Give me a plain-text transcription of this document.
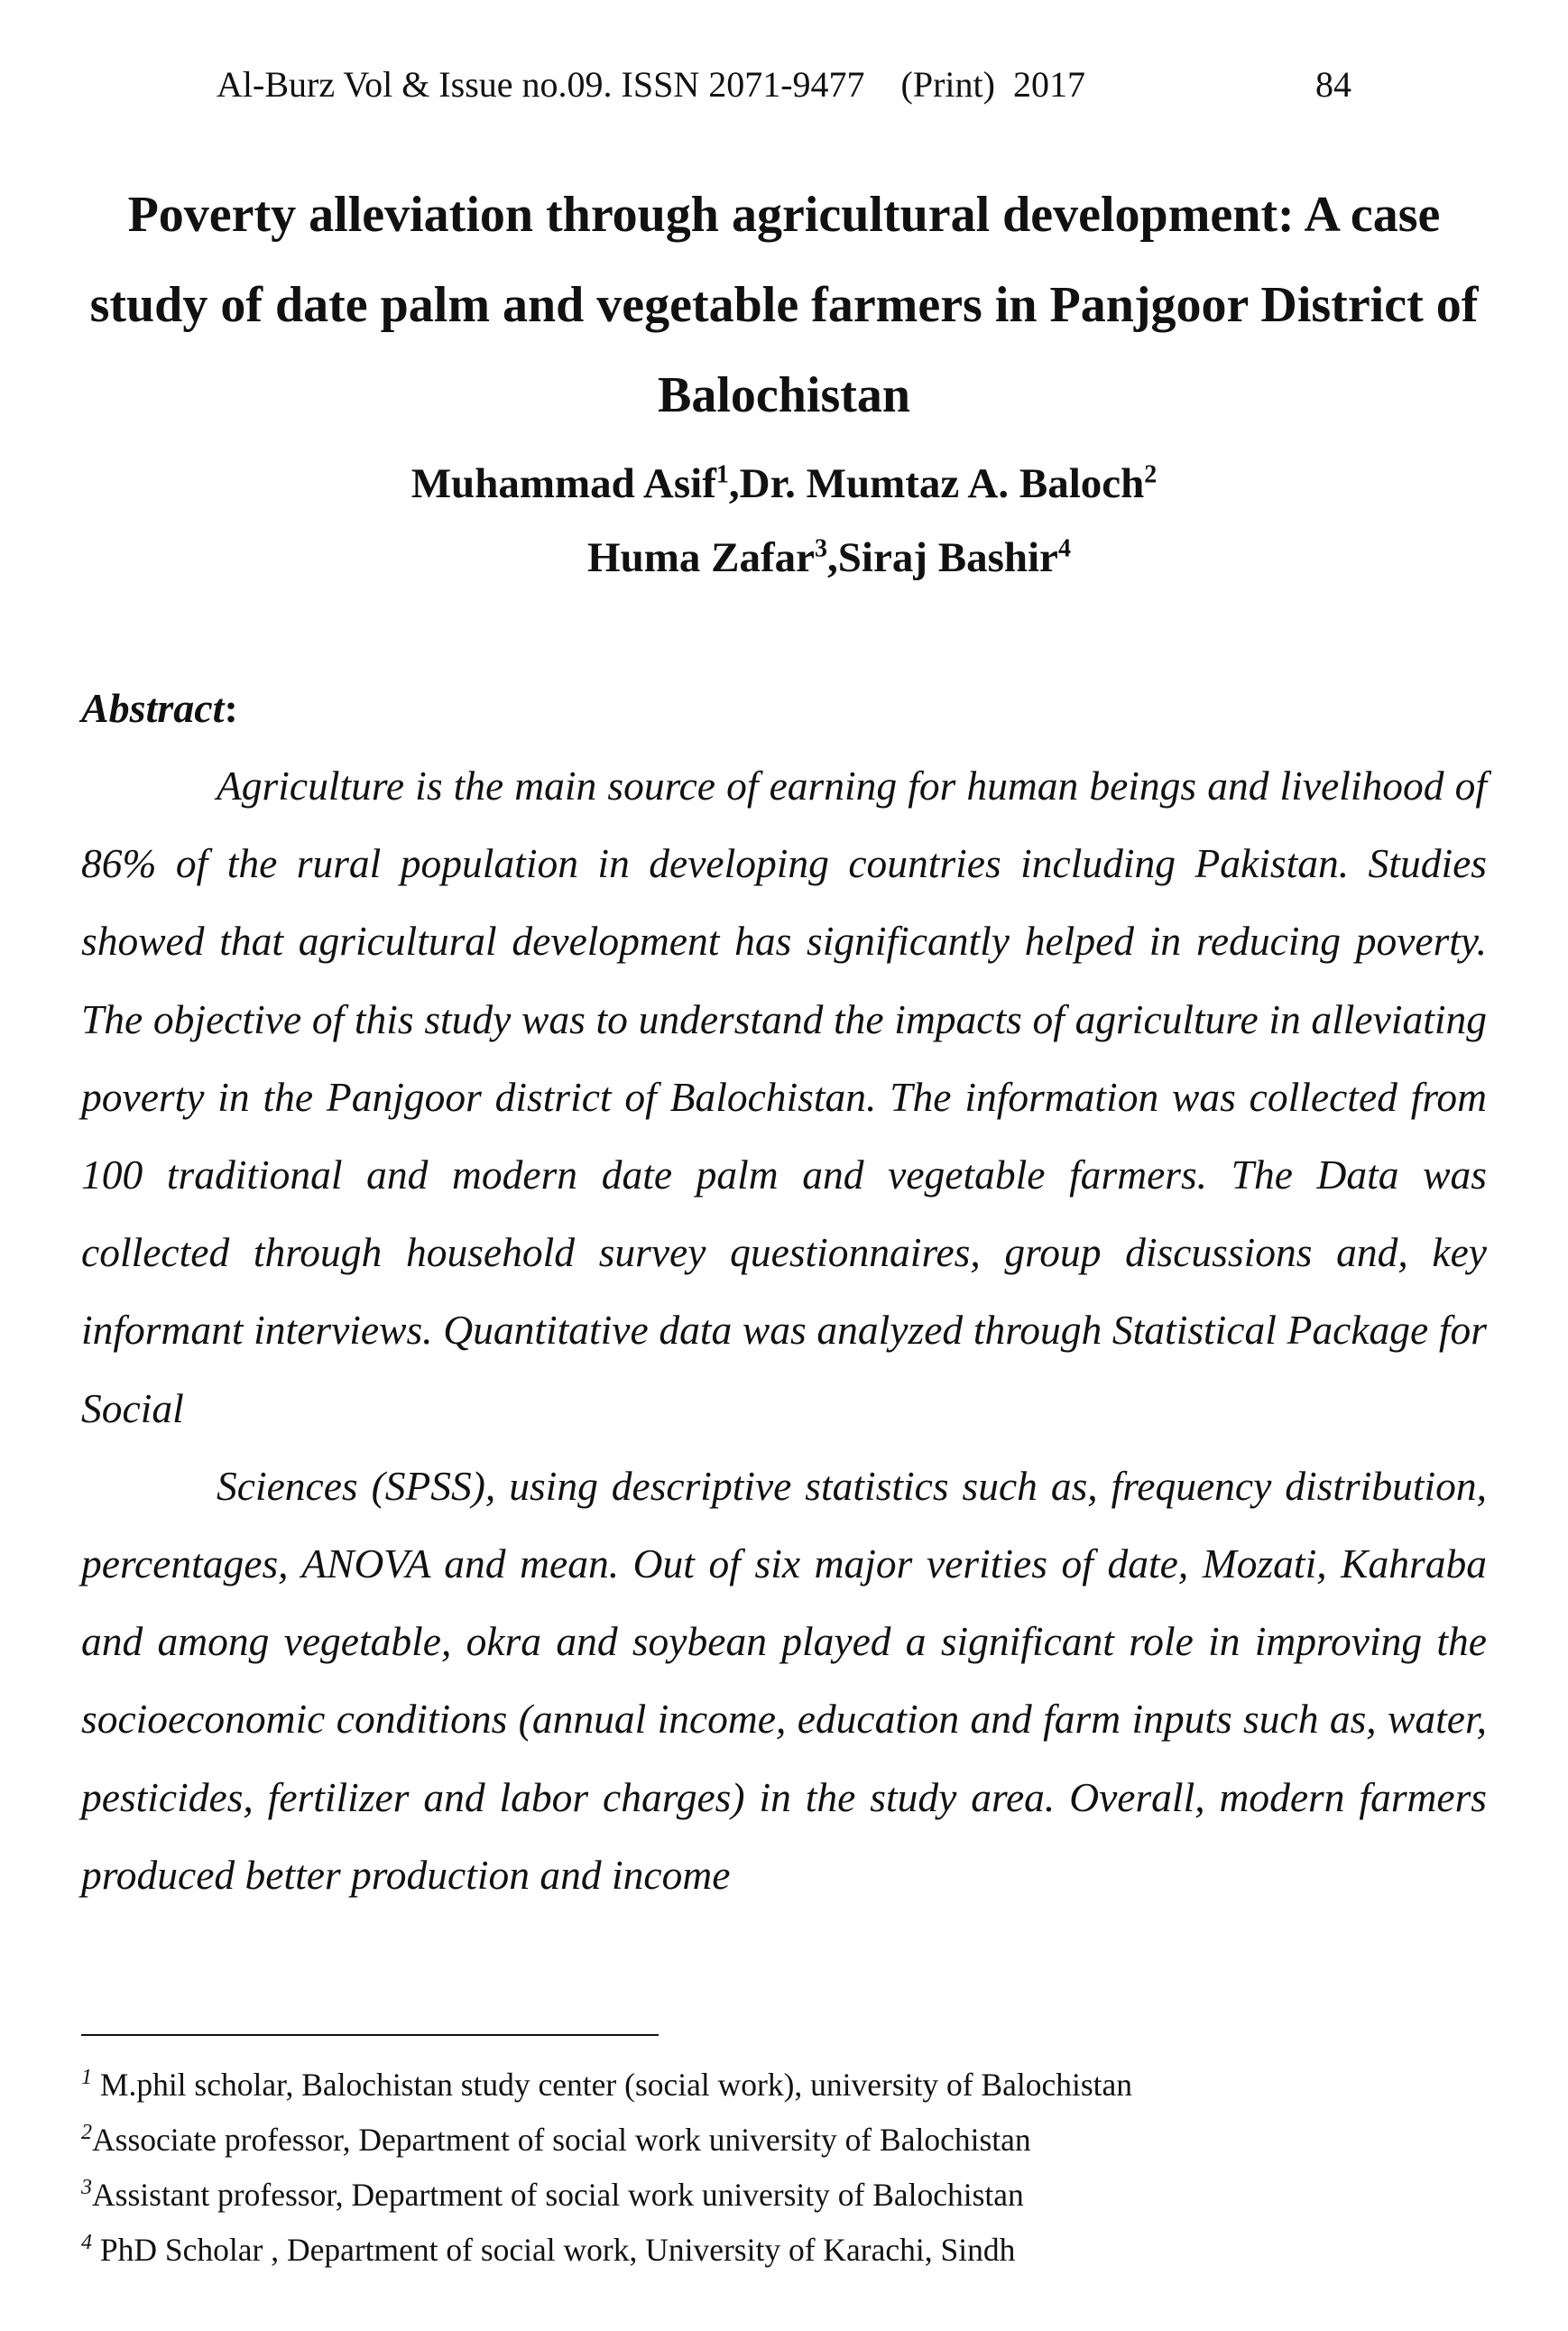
Al-Burz Vol & Issue no.09. ISSN 2071-9477    (Print)  2017	84
Poverty alleviation through agricultural development: A case study of date palm and vegetable farmers in Panjgoor District of Balochistan
Muhammad Asif$^1$,Dr. Mumtaz A. Baloch$^2$
Huma Zafar$^3$,Siraj Bashir$^4$
Abstract:

Agriculture is the main source of earning for human beings and livelihood of 86% of the rural population in developing countries including Pakistan. Studies showed that agricultural development has significantly helped in reducing poverty. The objective of this study was to understand the impacts of agriculture in alleviating poverty in the Panjgoor district of Balochistan. The information was collected from 100 traditional and modern date palm and vegetable farmers. The Data was collected through household survey questionnaires, group discussions and, key informant interviews. Quantitative data was analyzed through Statistical Package for Social

Sciences (SPSS), using descriptive statistics such as, frequency distribution, percentages, ANOVA and mean. Out of six major verities of date, Mozati, Kahraba and among vegetable, okra and soybean played a significant role in improving the socioeconomic conditions (annual income, education and farm inputs such as, water, pesticides, fertilizer and labor charges) in the study area. Overall, modern farmers produced better production and income

$^1$ M.phil scholar, Balochistan study center (social work), university of Balochistan
$^2$Associate professor, Department of social work university of Balochistan
$^3$Assistant professor, Department of social work university of Balochistan
$^4$ PhD Scholar , Department of social work, University of Karachi, Sindh
